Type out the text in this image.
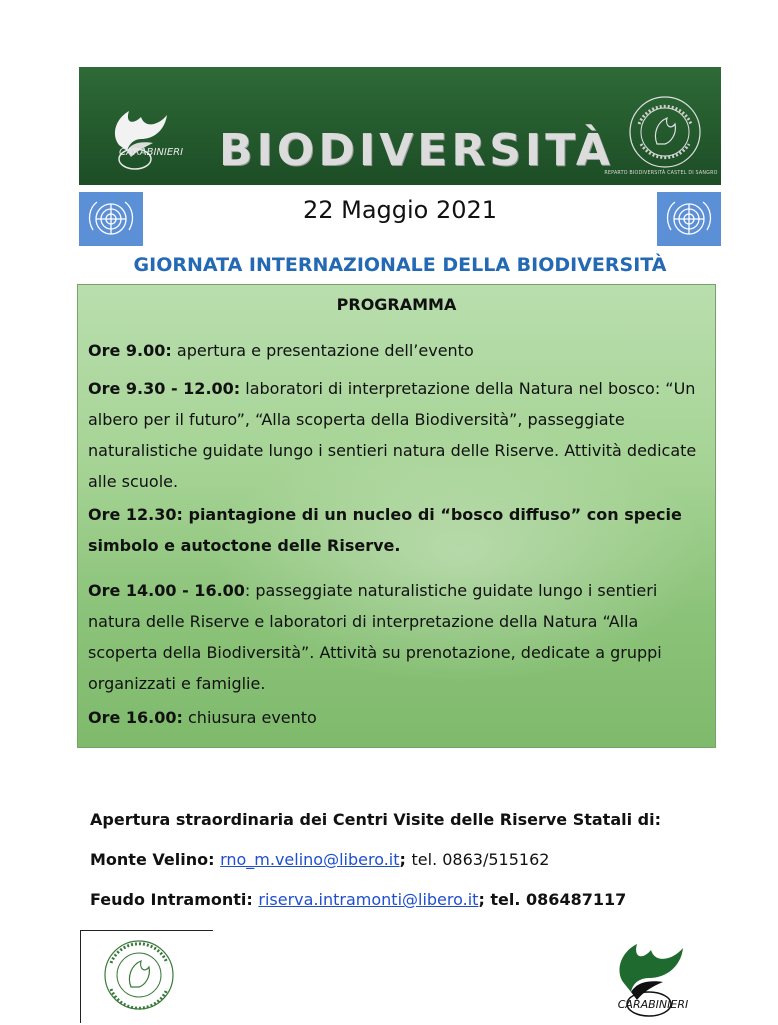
CARABINIERI BIODIVERSITÀ
REPARTO BIODIVERSITÀ CASTEL DI SANGRO
22 Maggio 2021
GIORNATA INTERNAZIONALE DELLA BIODIVERSITÀ
PROGRAMMA
Ore 9.00: apertura e presentazione dell’evento
Ore 9.30 - 12.00: laboratori di interpretazione della Natura nel bosco: “Un albero per il futuro”, “Alla scoperta della Biodiversità”, passeggiate naturalistiche guidate lungo i sentieri natura delle Riserve. Attività dedicate alle scuole.
Ore 12.30: piantagione di un nucleo di “bosco diffuso” con specie simbolo e autoctone delle Riserve.
Ore 14.00 - 16.00: passeggiate naturalistiche guidate lungo i sentieri natura delle Riserve e laboratori di interpretazione della Natura “Alla scoperta della Biodiversità”. Attività su prenotazione, dedicate a gruppi organizzati e famiglie.
Ore 16.00: chiusura evento
Apertura straordinaria dei Centri Visite delle Riserve Statali di:
Monte Velino: rno_m.velino@libero.it; tel. 0863/515162
Feudo Intramonti: riserva.intramonti@libero.it; tel. 086487117
CARABINIERI
